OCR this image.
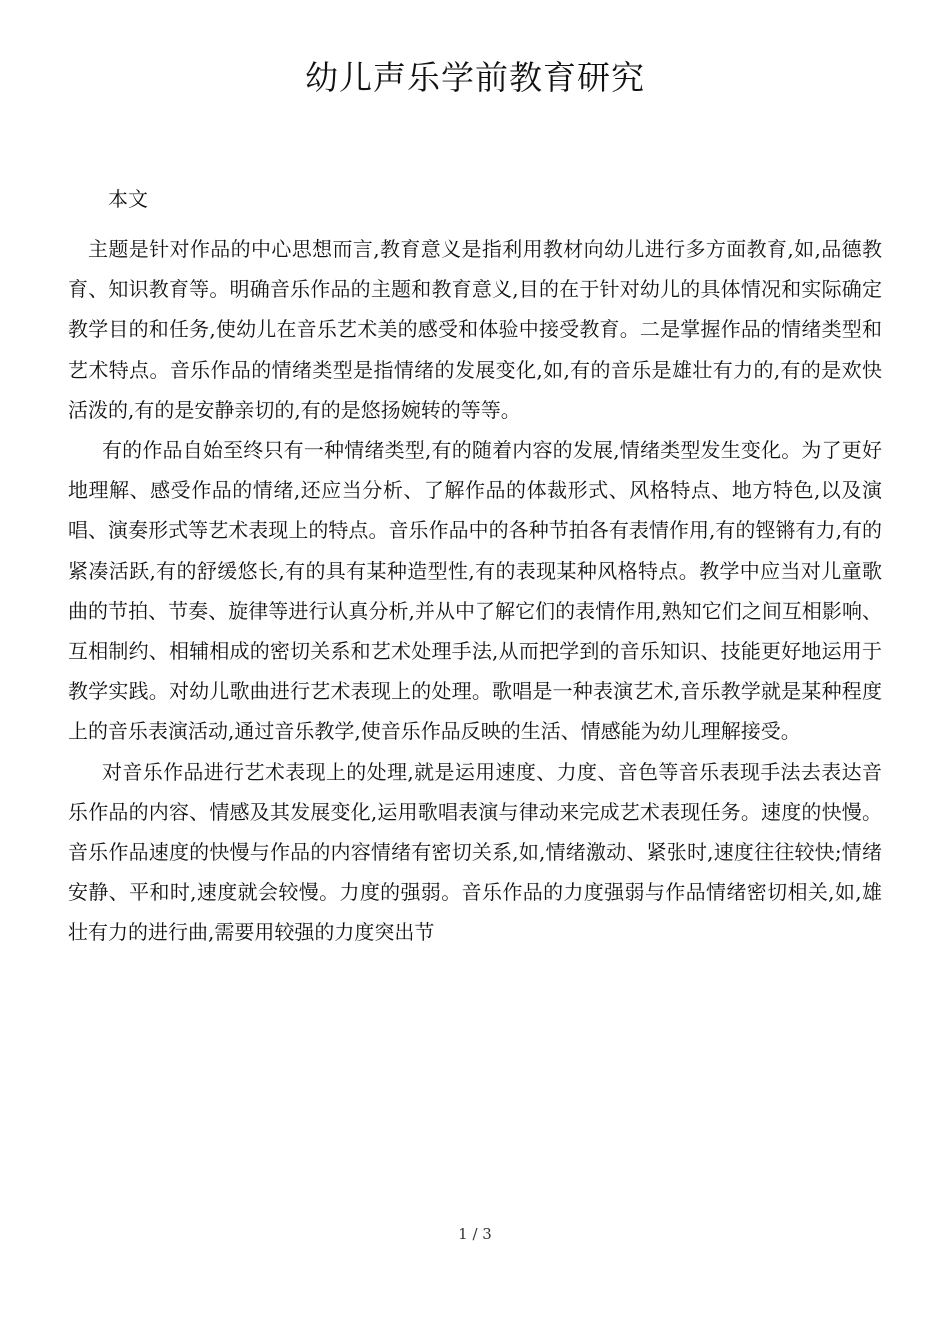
幼儿声乐学前教育研究
本文

主题是针对作品的中心思想而言,教育意义是指利用教材向幼儿进行多方面教育,如,品德教育、知识教育等。明确音乐作品的主题和教育意义,目的在于针对幼儿的具体情况和实际确定教学目的和任务,使幼儿在音乐艺术美的感受和体验中接受教育。二是掌握作品的情绪类型和艺术特点。音乐作品的情绪类型是指情绪的发展变化,如,有的音乐是雄壮有力的,有的是欢快活泼的,有的是安静亲切的,有的是悠扬婉转的等等。

有的作品自始至终只有一种情绪类型,有的随着内容的发展,情绪类型发生变化。为了更好地理解、感受作品的情绪,还应当分析、了解作品的体裁形式、风格特点、地方特色,以及演唱、演奏形式等艺术表现上的特点。音乐作品中的各种节拍各有表情作用,有的铿锵有力,有的紧凑活跃,有的舒缓悠长,有的具有某种造型性,有的表现某种风格特点。教学中应当对儿童歌曲的节拍、节奏、旋律等进行认真分析,并从中了解它们的表情作用,熟知它们之间互相影响、互相制约、相辅相成的密切关系和艺术处理手法,从而把学到的音乐知识、技能更好地运用于教学实践。对幼儿歌曲进行艺术表现上的处理。歌唱是一种表演艺术,音乐教学就是某种程度上的音乐表演活动,通过音乐教学,使音乐作品反映的生活、情感能为幼儿理解接受。

对音乐作品进行艺术表现上的处理,就是运用速度、力度、音色等音乐表现手法去表达音乐作品的内容、情感及其发展变化,运用歌唱表演与律动来完成艺术表现任务。速度的快慢。音乐作品速度的快慢与作品的内容情绪有密切关系,如,情绪激动、紧张时,速度往往较快;情绪安静、平和时,速度就会较慢。力度的强弱。音乐作品的力度强弱与作品情绪密切相关,如,雄壮有力的进行曲,需要用较强的力度突出节

1 / 3
